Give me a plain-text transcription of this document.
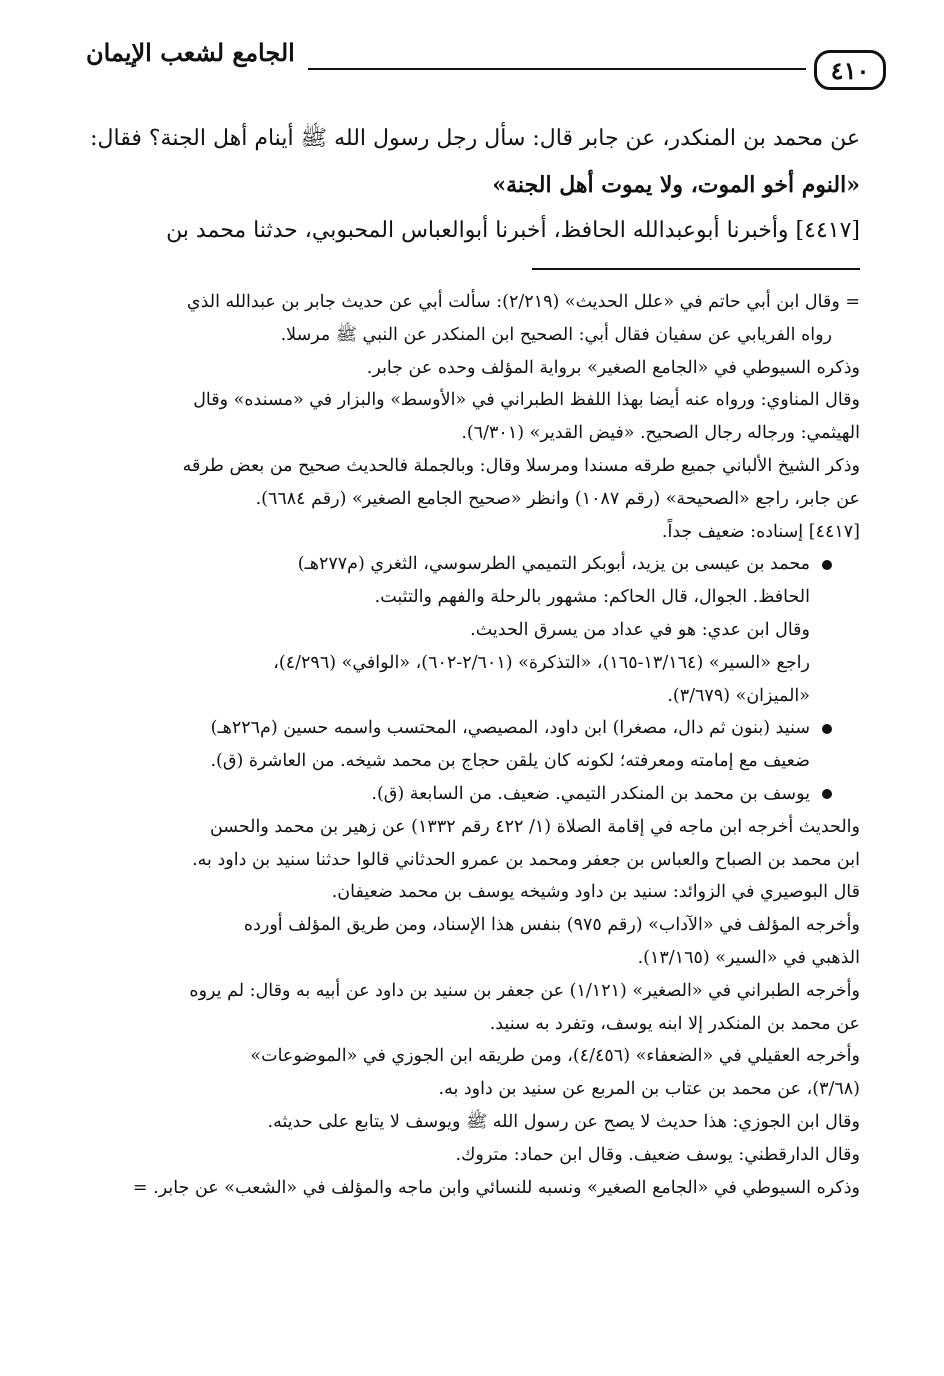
٤١٠
الجامع لشعب الإيمان

عن محمد بن المنكدر، عن جابر قال: سأل رجل رسول الله ﷺ أينام أهل الجنة؟ فقال:

«النوم أخو الموت، ولا يموت أهل الجنة»

[٤٤١٧] وأخبرنا أبوعبدالله الحافظ، أخبرنا أبوالعباس المحبوبي، حدثنا محمد بن

= وقال ابن أبي حاتم في «علل الحديث» (٢/٢١٩): سألت أبي عن حديث جابر بن عبدالله الذي

رواه الفريابي عن سفيان فقال أبي: الصحيح ابن المنكدر عن النبي ﷺ مرسلا.

وذكره السيوطي في «الجامع الصغير» برواية المؤلف وحده عن جابر.

وقال المناوي: ورواه عنه أيضا بهذا اللفظ الطبراني في «الأوسط» والبزار في «مسنده» وقال

الهيثمي: ورجاله رجال الصحيح. «فيض القدير» (٦/٣٠١).

وذكر الشيخ الألباني جميع طرقه مسندا ومرسلا وقال: وبالجملة فالحديث صحيح من بعض طرقه

عن جابر، راجع «الصحيحة» (رقم ١٠٨٧) وانظر «صحيح الجامع الصغير» (رقم ٦٦٨٤).

[٤٤١٧] إسناده: ضعيف جداً.

محمد بن عيسى بن يزيد، أبوبكر التميمي الطرسوسي، الثغري (م٢٧٧هـ)

الحافظ. الجوال، قال الحاكم: مشهور بالرحلة والفهم والتثبت.

وقال ابن عدي: هو في عداد من يسرق الحديث.

راجع «السير» (١٣/١٦٤-١٦٥)، «التذكرة» (٢/٦٠١-٦٠٢)، «الوافي» (٤/٢٩٦)،

«الميزان» (٣/٦٧٩).

سنيد (بنون ثم دال، مصغرا) ابن داود، المصيصي، المحتسب واسمه حسين (م٢٢٦هـ)

ضعيف مع إمامته ومعرفته؛ لكونه كان يلقن حجاج بن محمد شيخه. من العاشرة (ق).

يوسف بن محمد بن المنكدر التيمي. ضعيف. من السابعة (ق).

والحديث أخرجه ابن ماجه في إقامة الصلاة (١/ ٤٢٢ رقم ١٣٣٢) عن زهير بن محمد والحسن

ابن محمد بن الصباح والعباس بن جعفر ومحمد بن عمرو الحدثاني قالوا حدثنا سنيد بن داود به.

قال البوصيري في الزوائد: سنيد بن داود وشيخه يوسف بن محمد ضعيفان.

وأخرجه المؤلف في «الآداب» (رقم ٩٧٥) بنفس هذا الإسناد، ومن طريق المؤلف أورده

الذهبي في «السير» (١٣/١٦٥).

وأخرجه الطبراني في «الصغير» (١/١٢١) عن جعفر بن سنيد بن داود عن أبيه به وقال: لم يروه

عن محمد بن المنكدر إلا ابنه يوسف، وتفرد به سنيد.

وأخرجه العقيلي في «الضعفاء» (٤/٤٥٦)، ومن طريقه ابن الجوزي في «الموضوعات»

(٣/٦٨)، عن محمد بن عتاب بن المربع عن سنيد بن داود به.

وقال ابن الجوزي: هذا حديث لا يصح عن رسول الله ﷺ ويوسف لا يتابع على حديثه.

وقال الدارقطني: يوسف ضعيف. وقال ابن حماد: متروك.

وذكره السيوطي في «الجامع الصغير» ونسبه للنسائي وابن ماجه والمؤلف في «الشعب» عن جابر. =
